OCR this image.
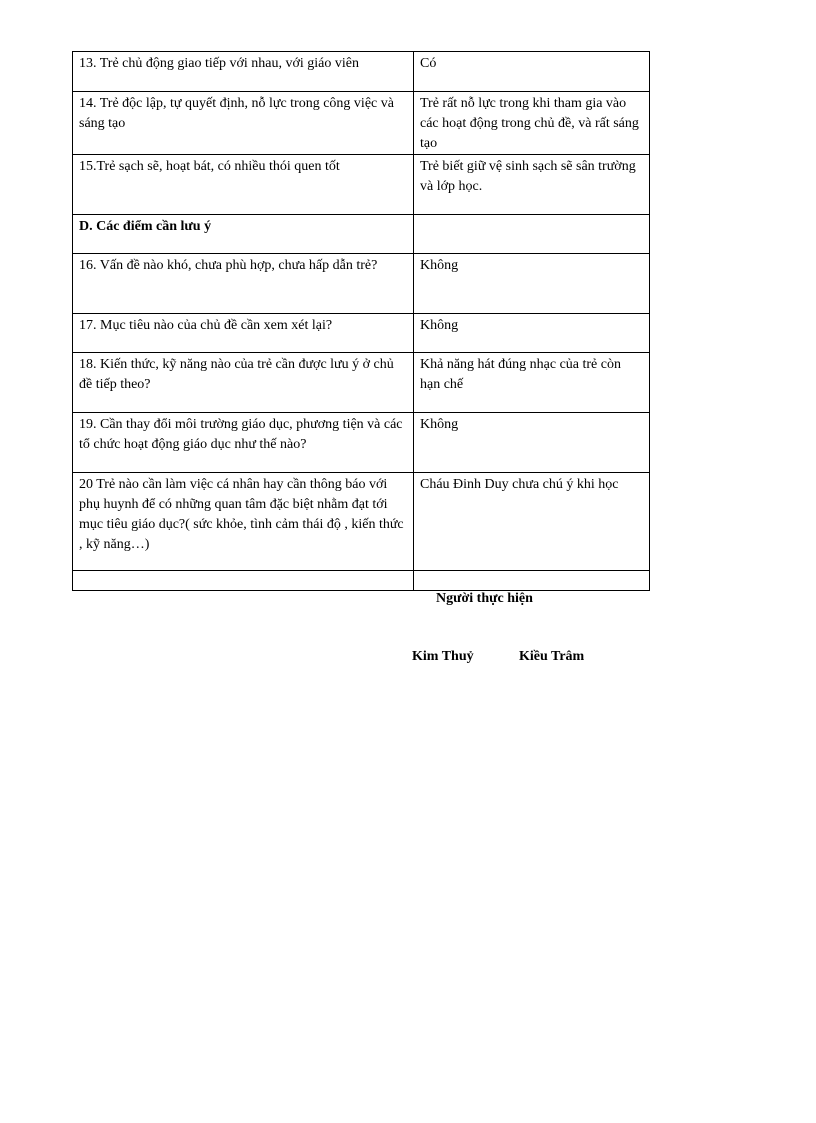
13. Trẻ chủ động giao tiếp với nhau, với giáo viên	Có
14. Trẻ độc lập, tự quyết định, nỗ lực trong công việc và sáng tạo	Trẻ rất nỗ lực trong khi tham gia vào các hoạt động trong chủ đề, và rất sáng tạo
15.Trẻ sạch sẽ, hoạt bát, có nhiều thói quen tốt	Trẻ biết giữ vệ sinh sạch sẽ sân trường và lớp học.
D. Các điểm cần lưu ý	
16. Vấn đề nào khó, chưa phù hợp, chưa hấp dẫn trẻ?	Không
17. Mục tiêu nào của chủ đề cần xem xét lại?	Không
18. Kiến thức, kỹ năng nào của trẻ cần được lưu ý ở chủ đề tiếp theo?	Khả năng hát đúng nhạc của trẻ còn hạn chế
19. Cần thay đổi môi trường giáo dục, phương tiện và các tổ chức hoạt động giáo dục như thế nào?	Không
20 Trẻ nào cần làm việc cá nhân hay cần thông báo với phụ huynh để có những quan tâm đặc biệt nhằm đạt tới mục tiêu giáo dục?( sức khỏe, tình cảm thái độ , kiến thức , kỹ năng…)	Cháu Đinh Duy chưa chú ý khi học

Người thực hiện
Kim Thuỷ	Kiều Trâm
